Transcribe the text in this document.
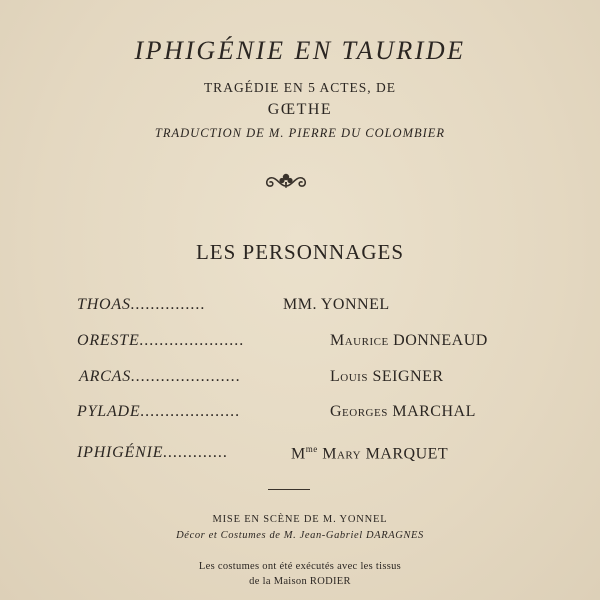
IPHIGÉNIE EN TAURIDE
TRAGÉDIE EN 5 ACTES, DE
GŒTHE
TRADUCTION DE M. PIERRE DU COLOMBIER
LES PERSONNAGES
THOAS...............	MM. YONNEL
ORESTE.....................	Maurice DONNEAUD
ARCAS......................	Louis SEIGNER
PYLADE....................	Georges MARCHAL
IPHIGÉNIE.............	$M^{me}$ Mary MARQUET
MISE EN SCÈNE DE M. YONNEL
Décor et Costumes de M. Jean-Gabriel DARAGNES
Les costumes ont été exécutés avec les tissus
de la Maison RODIER
